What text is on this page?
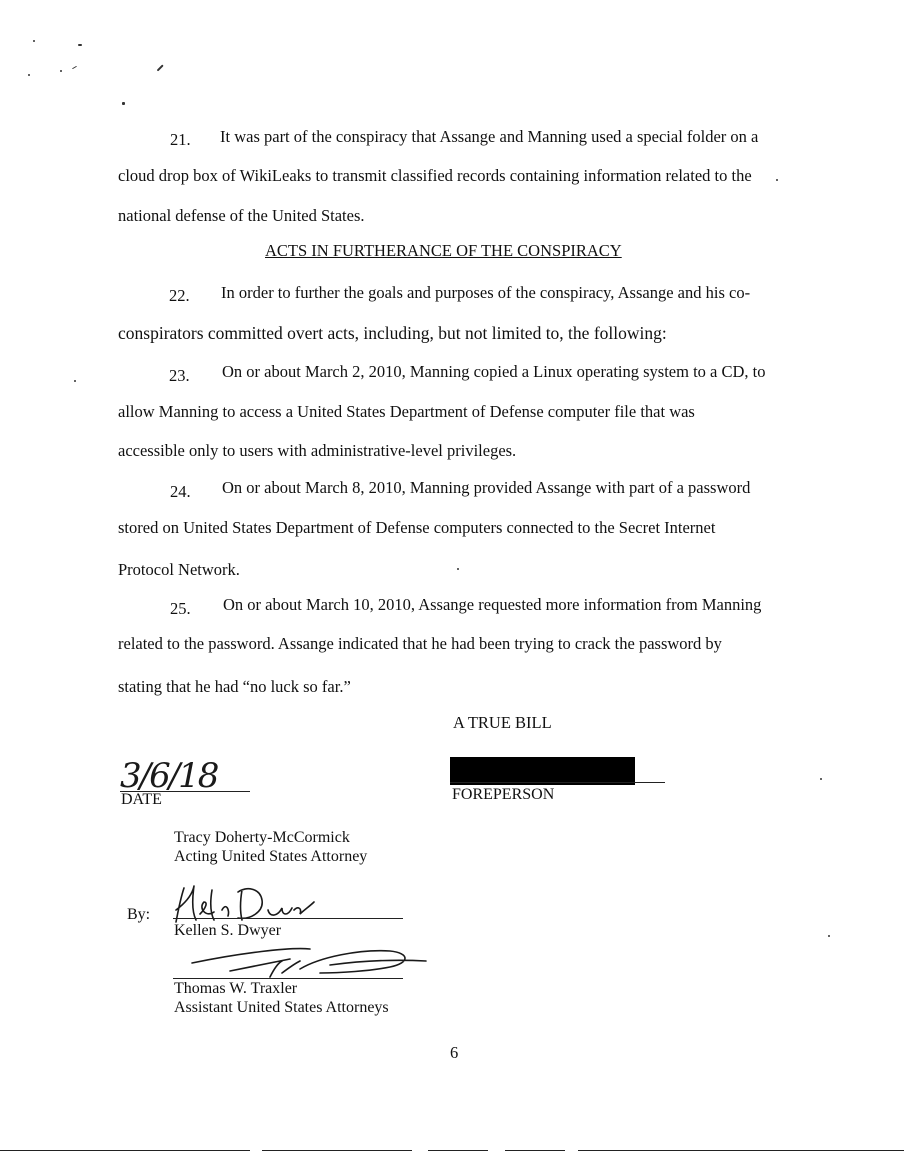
21. It was part of the conspiracy that Assange and Manning used a special folder on a
cloud drop box of WikiLeaks to transmit classified records containing information related to the
national defense of the United States.
ACTS IN FURTHERANCE OF THE CONSPIRACY
22. In order to further the goals and purposes of the conspiracy, Assange and his co-
conspirators committed overt acts, including, but not limited to, the following:
23. On or about March 2, 2010, Manning copied a Linux operating system to a CD, to
allow Manning to access a United States Department of Defense computer file that was
accessible only to users with administrative-level privileges.
24. On or about March 8, 2010, Manning provided Assange with part of a password
stored on United States Department of Defense computers connected to the Secret Internet
Protocol Network.
25. On or about March 10, 2010, Assange requested more information from Manning
related to the password. Assange indicated that he had been trying to crack the password by
stating that he had “no luck so far.”
A TRUE BILL
3/6/18
DATE	FOREPERSON
Tracy Doherty-McCormick
Acting United States Attorney
By:
Kellen S. Dwyer
Thomas W. Traxler
Assistant United States Attorneys
6
